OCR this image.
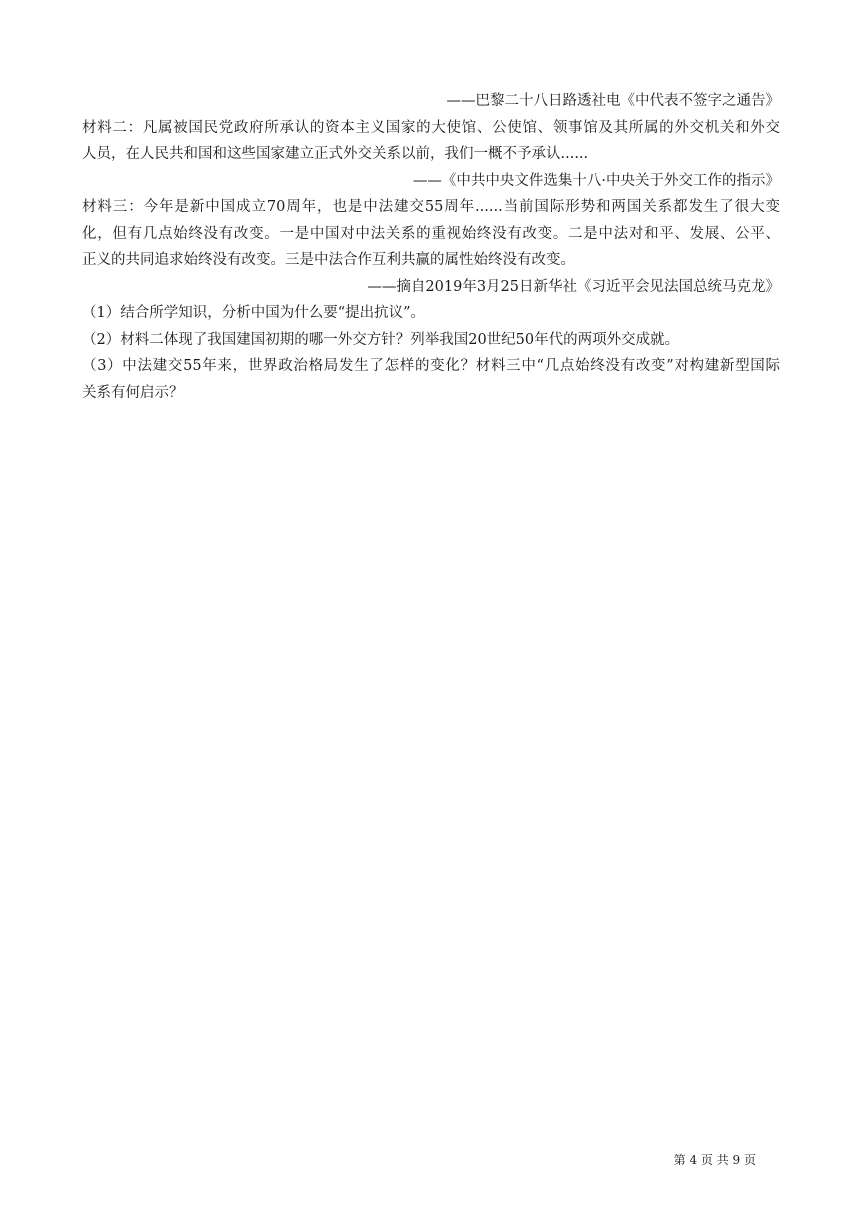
——巴黎二十八日路透社电《中代表不签字之通告》
材料二：凡属被国民党政府所承认的资本主义国家的大使馆、公使馆、领事馆及其所属的外交机关和外交
人员，在人民共和国和这些国家建立正式外交关系以前，我们一概不予承认......
——《中共中央文件选集十八·中央关于外交工作的指示》
材料三：今年是新中国成立70周年，也是中法建交55周年......当前国际形势和两国关系都发生了很大变
化，但有几点始终没有改变。一是中国对中法关系的重视始终没有改变。二是中法对和平、发展、公平、
正义的共同追求始终没有改变。三是中法合作互利共赢的属性始终没有改变。
——摘自2019年3月25日新华社《习近平会见法国总统马克龙》
（1）结合所学知识，分析中国为什么要“提出抗议”。
（2）材料二体现了我国建国初期的哪一外交方针？列举我国20世纪50年代的两项外交成就。
（3）中法建交55年来，世界政治格局发生了怎样的变化？材料三中“几点始终没有改变”对构建新型国际
关系有何启示？
第 4 页 共 9 页
